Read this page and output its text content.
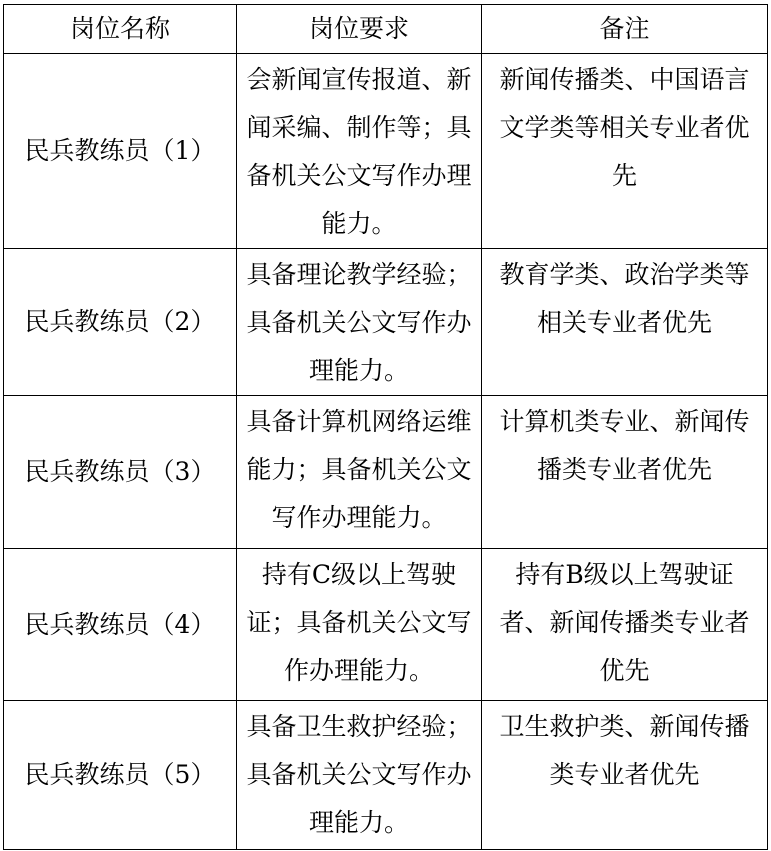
岗位名称	岗位要求	备注

民兵教练员（1）	会新闻宣传报道、新闻采编、制作等；具备机关公文写作办理能力。	新闻传播类、中国语言文学类等相关专业者优先

民兵教练员（2）	具备理论教学经验；具备机关公文写作办理能力。	教育学类、政治学类等相关专业者优先

民兵教练员（3）	具备计算机网络运维能力；具备机关公文写作办理能力。	计算机类专业、新闻传播类专业者优先

民兵教练员（4）	持有C级以上驾驶证；具备机关公文写作办理能力。	持有B级以上驾驶证者、新闻传播类专业者优先

民兵教练员（5）	具备卫生救护经验；具备机关公文写作办理能力。	卫生救护类、新闻传播类专业者优先
